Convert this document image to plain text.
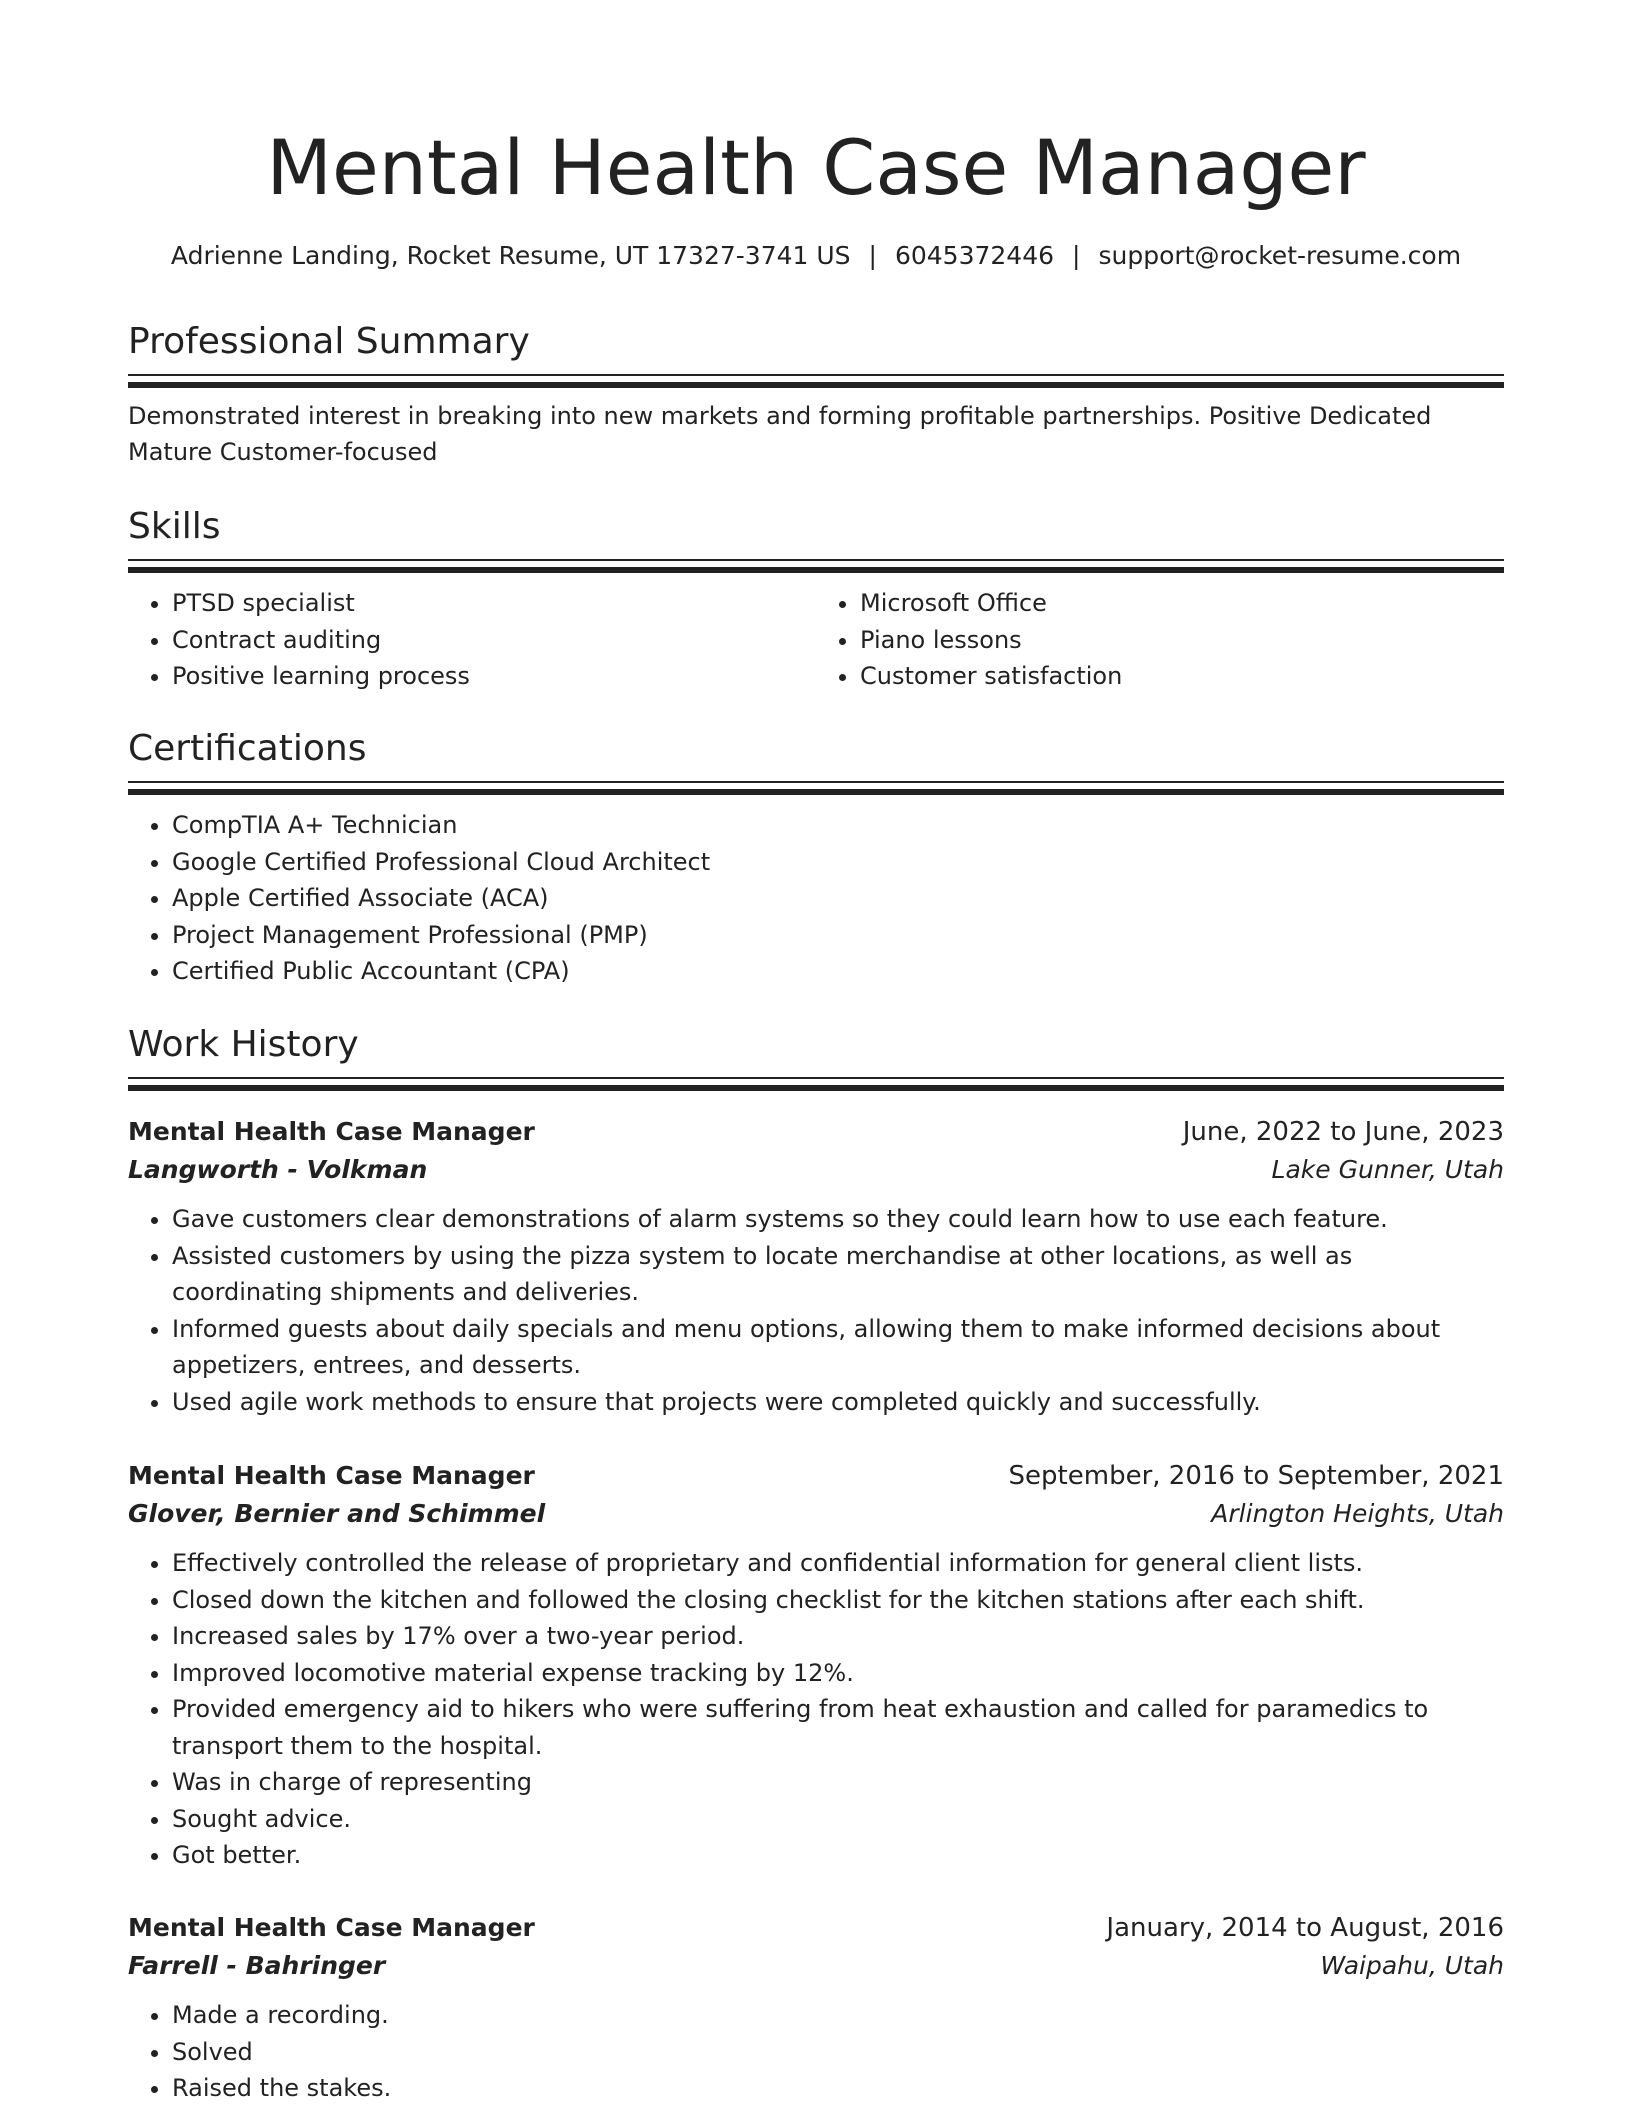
Mental Health Case Manager
Adrienne Landing, Rocket Resume, UT 17327-3741 US | 6045372446 | support@rocket-resume.com
Professional Summary
Demonstrated interest in breaking into new markets and forming profitable partnerships. Positive Dedicated Mature Customer-focused
Skills
• PTSD specialist
• Contract auditing
• Positive learning process
• Microsoft Office
• Piano lessons
• Customer satisfaction
Certifications
• CompTIA A+ Technician
• Google Certified Professional Cloud Architect
• Apple Certified Associate (ACA)
• Project Management Professional (PMP)
• Certified Public Accountant (CPA)
Work History
Mental Health Case Manager	June, 2022 to June, 2023
Langworth - Volkman	Lake Gunner, Utah
• Gave customers clear demonstrations of alarm systems so they could learn how to use each feature.
• Assisted customers by using the pizza system to locate merchandise at other locations, as well as coordinating shipments and deliveries.
• Informed guests about daily specials and menu options, allowing them to make informed decisions about appetizers, entrees, and desserts.
• Used agile work methods to ensure that projects were completed quickly and successfully.
Mental Health Case Manager	September, 2016 to September, 2021
Glover, Bernier and Schimmel	Arlington Heights, Utah
• Effectively controlled the release of proprietary and confidential information for general client lists.
• Closed down the kitchen and followed the closing checklist for the kitchen stations after each shift.
• Increased sales by 17% over a two-year period.
• Improved locomotive material expense tracking by 12%.
• Provided emergency aid to hikers who were suffering from heat exhaustion and called for paramedics to transport them to the hospital.
• Was in charge of representing
• Sought advice.
• Got better.
Mental Health Case Manager	January, 2014 to August, 2016
Farrell - Bahringer	Waipahu, Utah
• Made a recording.
• Solved
• Raised the stakes.
